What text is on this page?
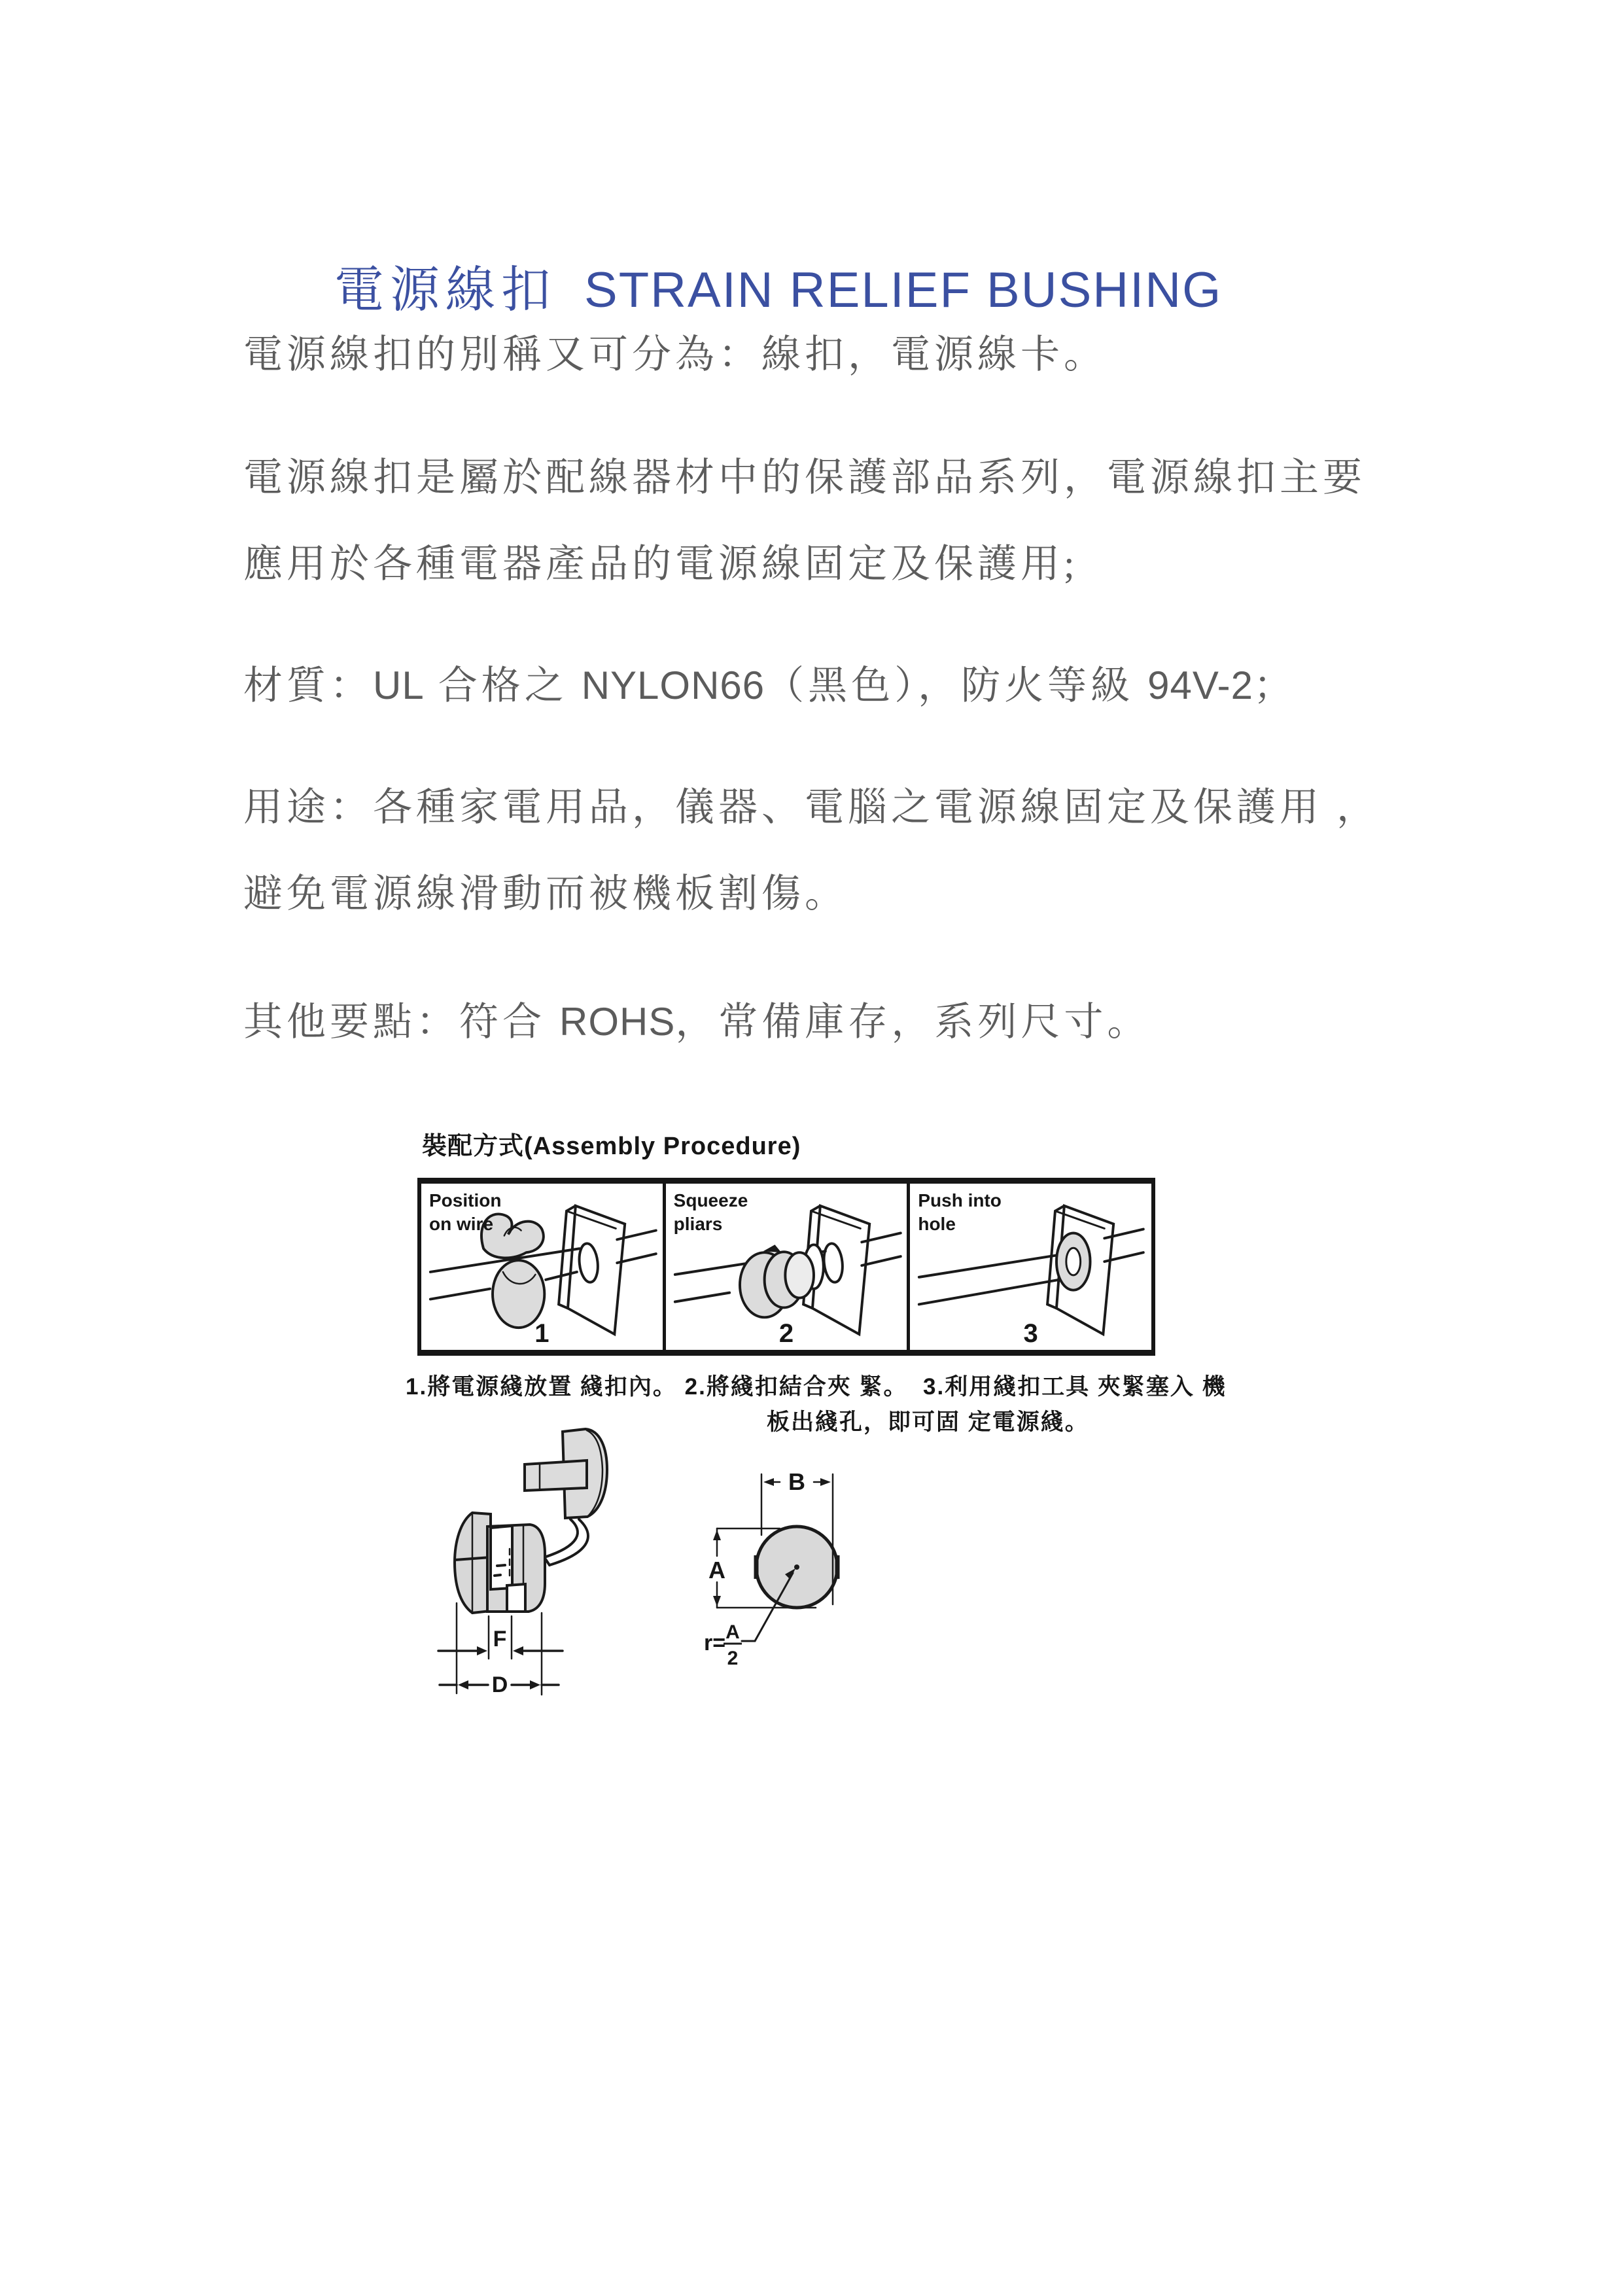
電源線扣 STRAIN RELIEF BUSHING

電源線扣的別稱又可分為：線扣，電源線卡。
電源線扣是屬於配線器材中的保護部品系列，電源線扣主要
應用於各種電器產品的電源線固定及保護用;
材質：UL 合格之 NYLON66（黑色），防火等級 94V-2；
用途：各種家電用品，儀器、電腦之電源線固定及保護用 ，
避免電源線滑動而被機板割傷。
其他要點：符合 ROHS，常備庫存，系列尺寸。
裝配方式(Assembly Procedure)
Position
on wire
1
Squeeze
pliars
2
Push into
hole
3
1.將電源綫放置 綫扣內。 2.將綫扣結合夾 緊。  3.利用綫扣工具 夾緊塞入 機
板出綫孔，即可固 定電源綫。
F
D
B
A
r= A
2
